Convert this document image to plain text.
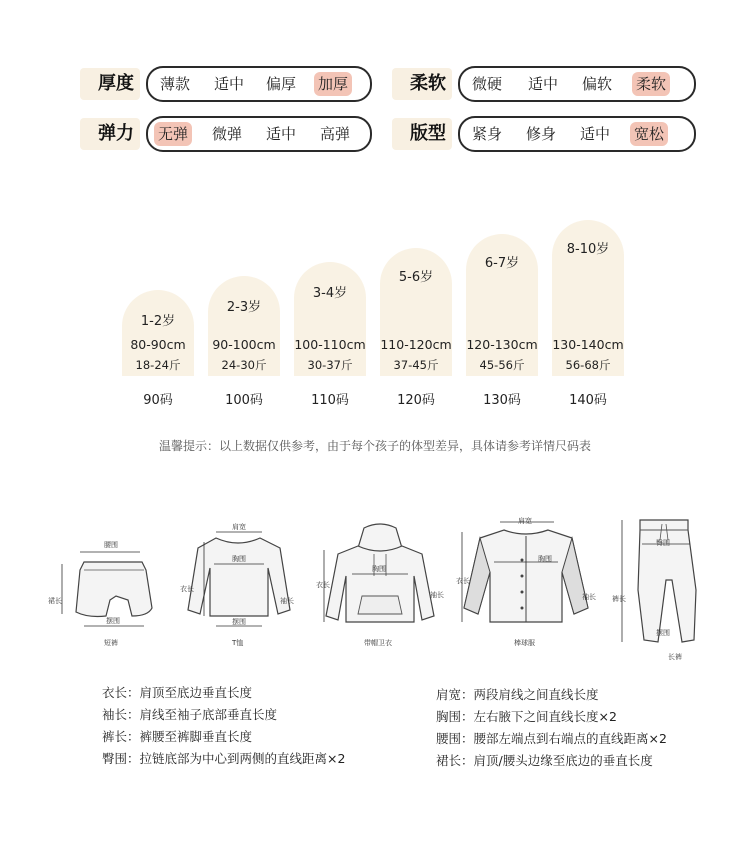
厚度	薄款 适中 偏厚 加厚	柔软	微硬 适中 偏软 柔软
弹力	无弹 微弹 适中 高弹	版型	紧身 修身 适中 宽松
1-2岁
80-90cm
18-24斤
90码
2-3岁
90-100cm
24-30斤
100码
3-4岁
100-110cm
30-37斤
110码
5-6岁
110-120cm
37-45斤
120码
6-7岁
120-130cm
45-56斤
130码
8-10岁
130-140cm
56-68斤
140码
温馨提示：以上数据仅供参考，由于每个孩子的体型差异，具体请参考详情尺码表
腰围
裙长
摆围
短裤
肩宽
胸围
衣长
袖长
摆围
T恤
胸围
衣长
袖长
带帽卫衣
肩宽
胸围
衣长
袖长
棒球服
臀围
裤长
摆围
长裤
衣长：肩顶至底边垂直长度
袖长：肩线至袖子底部垂直长度
裤长：裤腰至裤脚垂直长度
臀围：拉链底部为中心到两侧的直线距离×2
肩宽：两段肩线之间直线长度
胸围：左右腋下之间直线长度×2
腰围：腰部左端点到右端点的直线距离×2
裙长：肩顶/腰头边缘至底边的垂直长度
